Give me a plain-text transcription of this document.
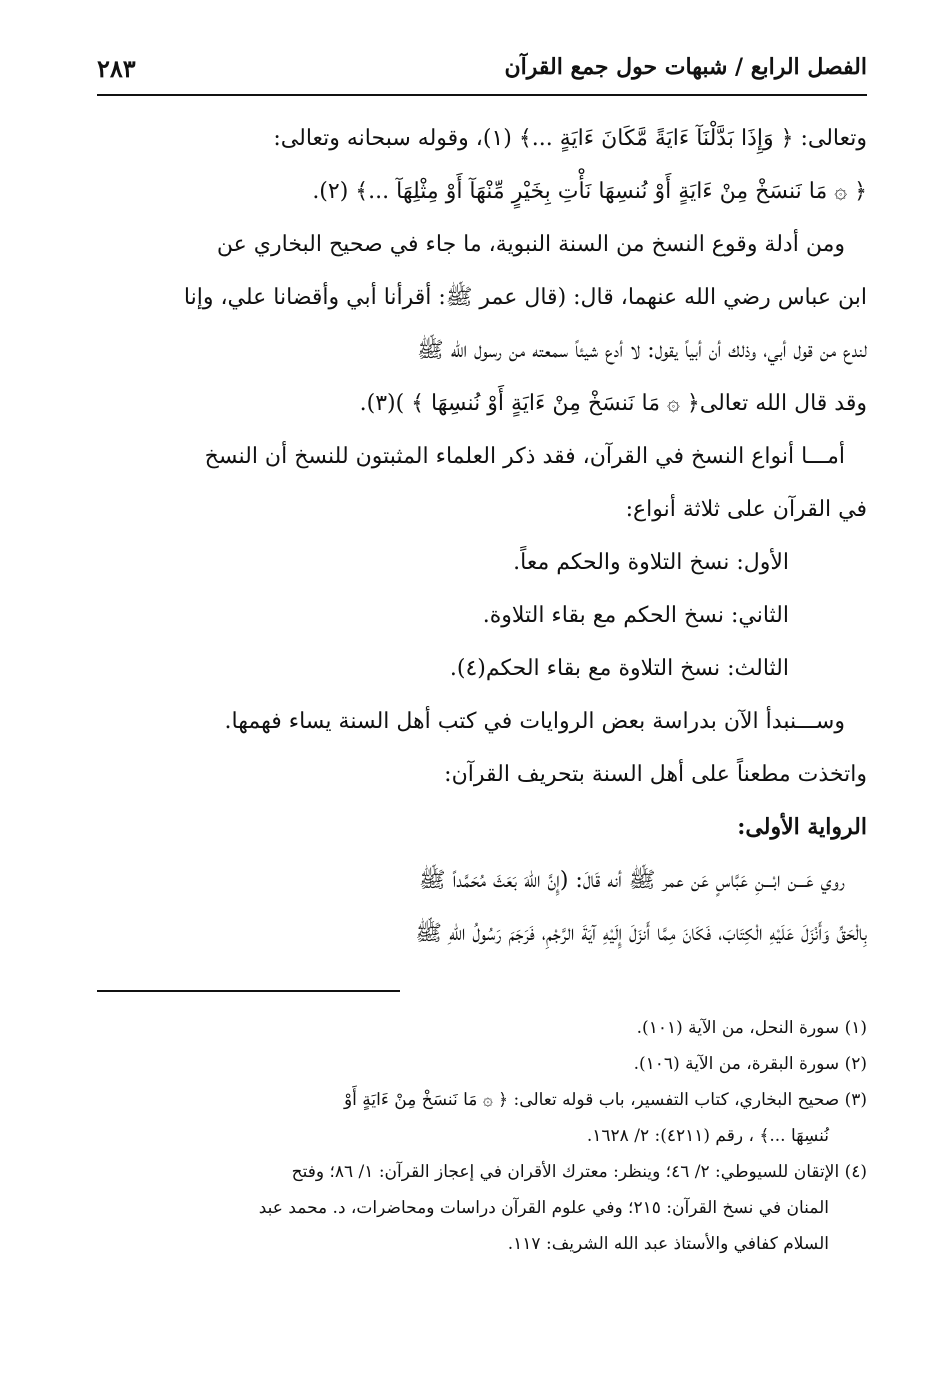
الفصل الرابع / شبهات حول جمع القرآن
٢٨٣
وتعالى: ﴿ وَإِذَا بَدَّلْنَآ ءَايَةً مَّكَانَ ءَايَةٍ ...﴾ (١)، وقوله سبحانه وتعالى:
﴿ ۞ مَا نَنسَخْ مِنْ ءَايَةٍ أَوْ نُنسِهَا نَأْتِ بِخَيْرٍ مِّنْهَآ أَوْ مِثْلِهَآ ...﴾ (٢).
ومن أدلة وقوع النسخ من السنة النبوية، ما جاء في صحيح البخاري عن
ابن عباس رضي الله عنهما، قال: (قال عمر ﷺ: أقرأنا أبي وأقضانا علي، وإنا
لندع من قول أبي، وذلك أن أبياً يقول: لا أدع شيئاً سمعته من رسول الله ﷺ
وقد قال الله تعالى﴿ ۞ مَا نَنسَخْ مِنْ ءَايَةٍ أَوْ نُنسِهَا ﴾ )(٣).
أمـــا أنواع النسخ في القرآن، فقد ذكر العلماء المثبتون للنسخ أن النسخ
في القرآن على ثلاثة أنواع:
الأول: نسخ التلاوة والحكم معاً.
الثاني: نسخ الحكم مع بقاء التلاوة.
الثالث: نسخ التلاوة مع بقاء الحكم(٤).
وســـنبدأ الآن بدراسة بعض الروايات في كتب أهل السنة يساء فهمها.
واتخذت مطعناً على أهل السنة بتحريف القرآن:
الرواية الأولى:
روي عَـــن ابْـــنِ عَبَّاسٍ عَن عمر ﷺ أنه قَالَ: (إِنَّ اللهَ بَعَثَ مُحَمَّداً ﷺ
بِالْحَقِّ وَأَنْزَلَ عَلَيْهِ الْكِتَابَ، فَكَانَ مِمَّا أَنزَلَ إِلَيْهِ آيَةَ الرَّجْمِ، فَرَجَمَ رَسُولُ اللهِ ﷺ
(١) سورة النحل، من الآية (١٠١).
(٢) سورة البقرة، من الآية (١٠٦).
(٣) صحيح البخاري، كتاب التفسير، باب قوله تعالى: ﴿ ۞ مَا نَنسَخْ مِنْ ءَايَةٍ أَوْ
نُنسِهَا ...﴾ ، رقم (٤٢١١): ٢/ ١٦٢٨.
(٤) الإتقان للسيوطي: ٢/ ٤٦؛ وينظر: معترك الأقران في إعجاز القرآن: ١/ ٨٦؛ وفتح
المنان في نسخ القرآن: ٢١٥؛ وفي علوم القرآن دراسات ومحاضرات، د. محمد عبد
السلام كفافي والأستاذ عبد الله الشريف: ١١٧.
